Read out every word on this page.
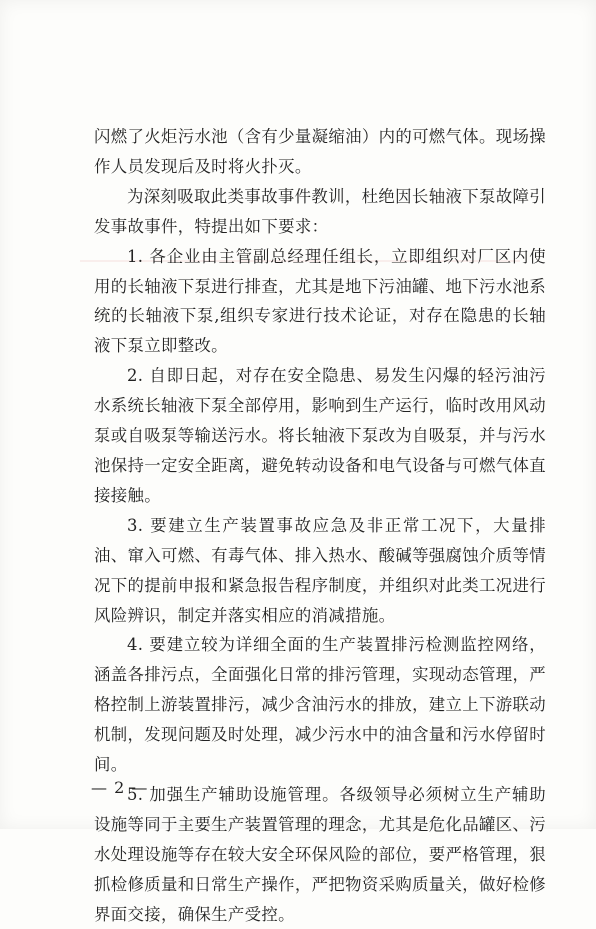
闪燃了火炬污水池（含有少量凝缩油）内的可燃气体。现场操作人员发现后及时将火扑灭。

为深刻吸取此类事故事件教训，杜绝因长轴液下泵故障引发事故事件，特提出如下要求：

1. 各企业由主管副总经理任组长，立即组织对厂区内使用的长轴液下泵进行排查，尤其是地下污油罐、地下污水池系统的长轴液下泵,组织专家进行技术论证，对存在隐患的长轴液下泵立即整改。

2. 自即日起，对存在安全隐患、易发生闪爆的轻污油污水系统长轴液下泵全部停用，影响到生产运行，临时改用风动泵或自吸泵等输送污水。将长轴液下泵改为自吸泵，并与污水池保持一定安全距离，避免转动设备和电气设备与可燃气体直接接触。

3. 要建立生产装置事故应急及非正常工况下，大量排油、窜入可燃、有毒气体、排入热水、酸碱等强腐蚀介质等情况下的提前申报和紧急报告程序制度，并组织对此类工况进行风险辨识，制定并落实相应的消减措施。

4. 要建立较为详细全面的生产装置排污检测监控网络，涵盖各排污点，全面强化日常的排污管理，实现动态管理，严格控制上游装置排污，减少含油污水的排放，建立上下游联动机制，发现问题及时处理，减少污水中的油含量和污水停留时间。

5. 加强生产辅助设施管理。各级领导必须树立生产辅助设施等同于主要生产装置管理的理念，尤其是危化品罐区、污水处理设施等存在较大安全环保风险的部位，要严格管理，狠抓检修质量和日常生产操作，严把物资采购质量关，做好检修界面交接，确保生产受控。

— 2 —
